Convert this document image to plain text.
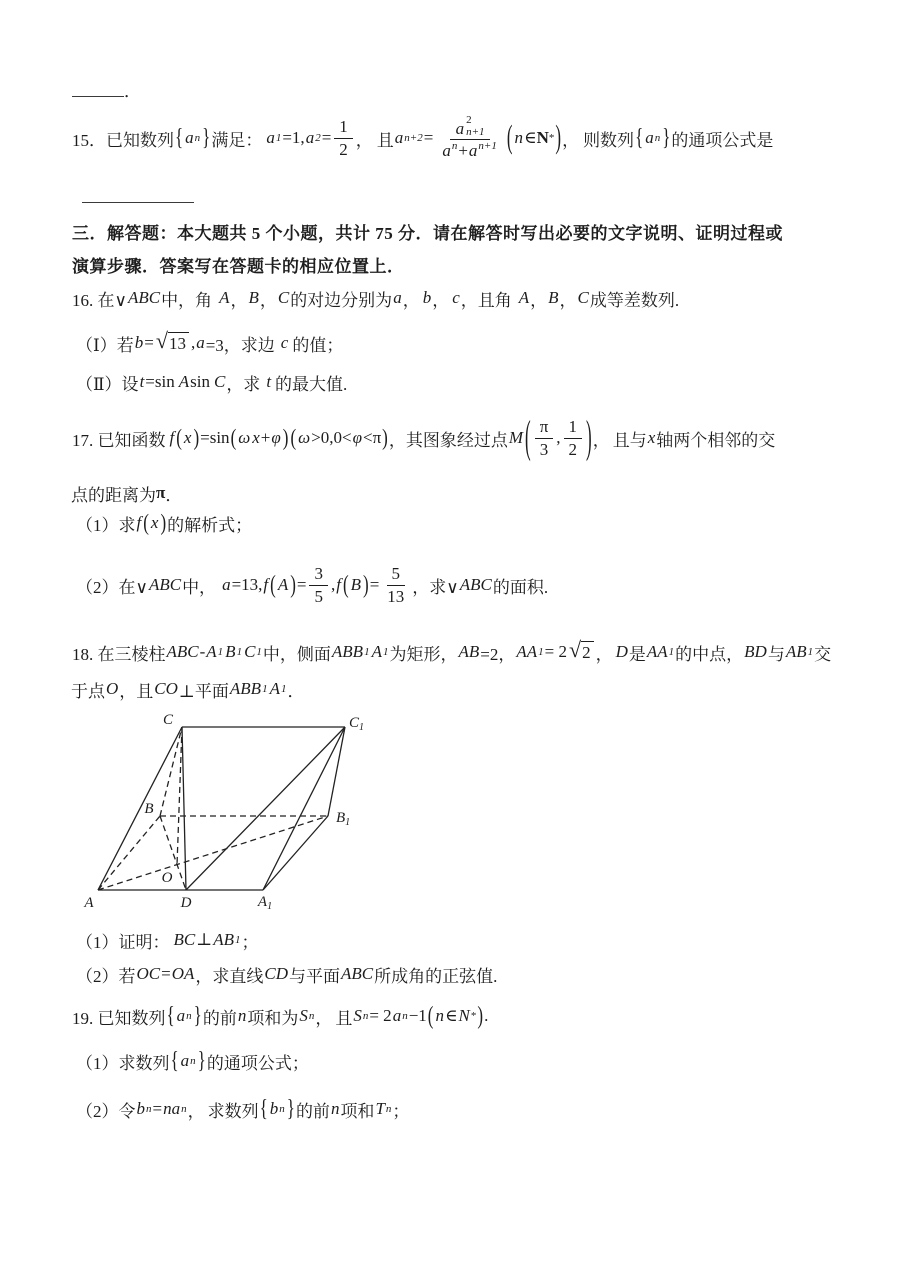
．
15．已知数列 { a n } 满足： a 1 =1, a $2 = \frac{1}{2}$ ， 且 a n+2 = a 2
n+1
$a^n + a^{n+1}$ ( n ∈ N * ) ， 则数列 { a n } 的通项公式是
三．解答题：本大题共 5 个小题，共计 75 分．请在解答时写出必要的文字说明、证明过程或
演算步骤．答案写在答题卡的相应位置上．
16. 在∨ ABC 中，角 A ， B ， C 的对边分别为 a ， b ， c ，且角 A ， B ， C 成等差数列.
（Ⅰ）若 b = √ 13 , a =3，求边 c 的值；
（Ⅱ）设 t =sin A sin C ，求 t 的最大值.
17. 已知函数 f ( x ) =sin ( ω x + φ ) ( ω >0,0< φ <π ) ，其图象经过点 M ( $\frac{\pi}{3}$ , $\frac{1}{2}$ ) ， 且与 x 轴两个相邻的交
点的距离为 π ．
（1）求 f ( x ) 的解析式；
（2）在∨ ABC 中， a =13, f ( A ) = $\frac{3}{5}$ , f ( B ) = $\frac{5}{13}$ ，求∨ ABC 的面积.
18. 在三棱柱 ABC - A 1 B 1 C 1 中，侧面 ABB 1 A 1 为矩形， AB =2， AA 1 = 2 √ 2 ， D 是 AA 1 的中点， BD 与 AB 1 交
于点 O ，且 CO ⊥平面 ABB 1 A 1 ．
（1）证明： BC ⊥ AB 1 ；
（2）若 OC = OA ，求直线 CD 与平面 ABC 所成角的正弦值.
19. 已知数列 { a n } 的前 n 项和为 S n ， 且 S n = 2 a n −1 ( n ∈ N * ) .
（1）求数列 { a n } 的通项公式；
（2）令 b n = na n ， 求数列 { b n } 的前 n 项和 T n ；
A	D	$A_1$
C	$C_1$
B
$B_1$
O
